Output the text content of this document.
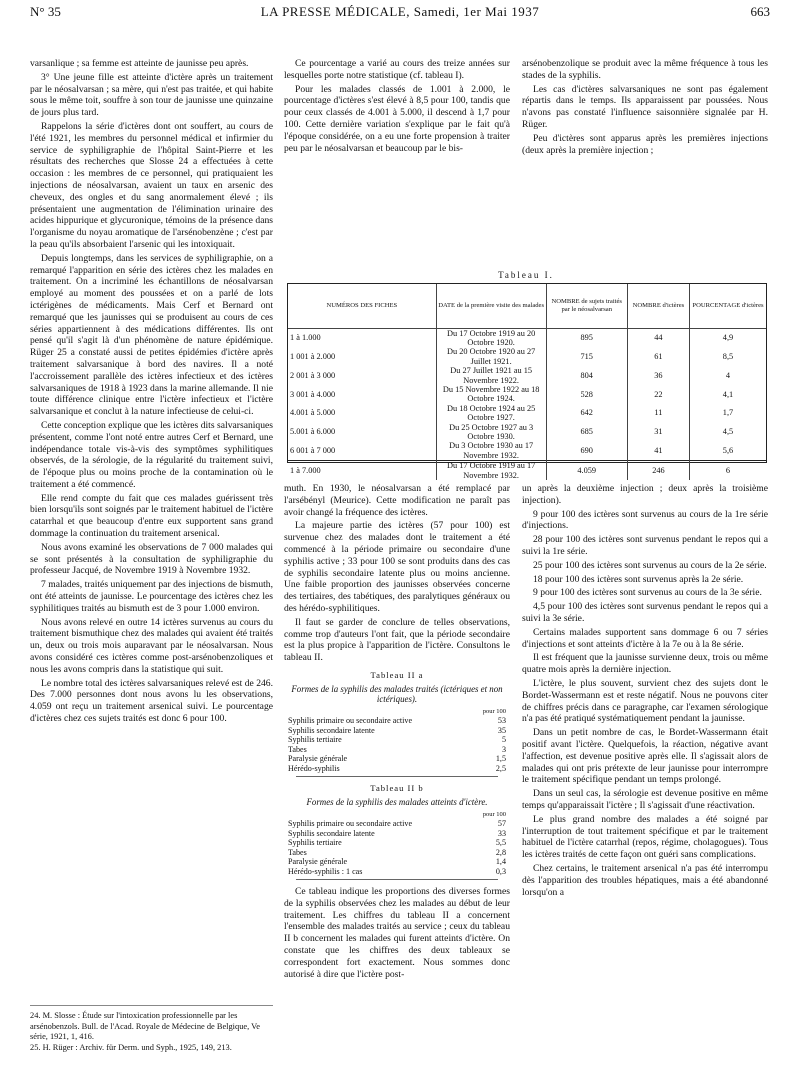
N° 35	LA PRESSE MÉDICALE, Samedi, 1er Mai 1937	663

varsanlique ; sa femme est atteinte de jaunisse peu après.

3° Une jeune fille est atteinte d'ictère après un traitement par le néosalvarsan ; sa mère, qui n'est pas traitée, et qui habite sous le même toit, souffre à son tour de jaunisse une quinzaine de jours plus tard.

Rappelons la série d'ictères dont ont souffert, au cours de l'été 1921, les membres du personnel médical et infirmier du service de syphiligraphie de l'hôpital Saint-Pierre et les résultats des recherches que Slosse 24 a effectuées à cette occasion : les membres de ce personnel, qui pratiquaient les injections de néosalvarsan, avaient un taux en arsenic des cheveux, des ongles et du sang anormalement élevé ; ils présentaient une augmentation de l'élimination urinaire des acides hippurique et glycuronique, témoins de la présence dans l'organisme du noyau aromatique de l'arsénobenzène ; c'est par la peau qu'ils absorbaient l'arsenic qui les intoxiquait.

Depuis longtemps, dans les services de syphiligraphie, on a remarqué l'apparition en série des ictères chez les malades en traitement. On a incriminé les échantillons de néosalvarsan employé au moment des poussées et on a parlé de lots ictérigènes de médicaments. Mais Cerf et Bernard ont remarqué que les jaunisses qui se produisent au cours de ces séries appartiennent à des médications différentes. Ils ont pensé qu'il s'agit là d'un phénomène de nature épidémique. Rüger 25 a constaté aussi de petites épidémies d'ictère après traitement salvarsanique à bord des navires. Il a noté l'accroissement parallèle des ictères infectieux et des ictères salvarsaniques de 1918 à 1923 dans la marine allemande. Il nie toute différence clinique entre l'ictère infectieux et l'ictère salvarsanique et conclut à la nature infectieuse de celui-ci.

Cette conception explique que les ictères dits salvarsaniques présentent, comme l'ont noté entre autres Cerf et Bernard, une indépendance totale vis-à-vis des symptômes syphilitiques observés, de la sérologie, de la régularité du traitement suivi, de l'époque plus ou moins proche de la contamination où le traitement a été commencé.

Elle rend compte du fait que ces malades guérissent très bien lorsqu'ils sont soignés par le traitement habituel de l'ictère catarrhal et que beaucoup d'entre eux supportent sans grand dommage la continuation du traitement arsenical.

Nous avons examiné les observations de 7 000 malades qui se sont présentés à la consultation de syphiligraphie du professeur Jacqué, de Novembre 1919 à Novembre 1932.

7 malades, traités uniquement par des injections de bismuth, ont été atteints de jaunisse. Le pourcentage des ictères chez les syphilitiques traités au bismuth est de 3 pour 1.000 environ.

Nous avons relevé en outre 14 ictères survenus au cours du traitement bismuthique chez des malades qui avaient été traités un, deux ou trois mois auparavant par le néosalvarsan. Nous avons considéré ces ictères comme post-arsénobenzoliques et nous les avons compris dans la statistique qui suit.

Le nombre total des ictères salvarsaniques relevé est de 246. Des 7.000 personnes dont nous avons lu les observations, 4.059 ont reçu un traitement arsenical suivi. Le pourcentage d'ictères chez ces sujets traités est donc 6 pour 100.

24. M. Slosse : Étude sur l'intoxication professionnelle par les arsénobenzols. Bull. de l'Acad. Royale de Médecine de Belgique, Ve série, 1921, 1, 416.

25. H. Rüger : Archiv. für Derm. und Syph., 1925, 149, 213.

Ce pourcentage a varié au cours des treize années sur lesquelles porte notre statistique (cf. tableau I).

Pour les malades classés de 1.001 à 2.000, le pourcentage d'ictères s'est élevé à 8,5 pour 100, tandis que pour ceux classés de 4.001 à 5.000, il descend à 1,7 pour 100. Cette dernière variation s'explique par le fait qu'à l'époque considérée, on a eu une forte propension à traiter peu par le néosalvarsan et beaucoup par le bis-

arsénobenzolique se produit avec la même fréquence à tous les stades de la syphilis.

Les cas d'ictères salvarsaniques ne sont pas également répartis dans le temps. Ils apparaissent par poussées. Nous n'avons pas constaté l'influence saisonnière signalée par H. Rüger.

Peu d'ictères sont apparus après les premières injections (deux après la première injection ;

Tableau I.
NUMÉROS DES FICHES	DATE de la première visite des malades	NOMBRE de sujets traités par le néosalvarsan	NOMBRE d'ictères	POURCENTAGE d'ictères
1 à 1.000	Du 17 Octobre 1919 au 20 Octobre 1920.	895	44	4,9
1 001 à 2.000	Du 20 Octobre 1920 au 27 Juillet 1921.	715	61	8,5
2 001 à 3 000	Du 27 Juillet 1921 au 15 Novembre 1922.	804	36	4
3 001 à 4.000	Du 15 Novembre 1922 au 18 Octobre 1924.	528	22	4,1
4.001 à 5.000	Du 18 Octobre 1924 au 25 Octobre 1927.	642	11	1,7
5.001 à 6.000	Du 25 Octobre 1927 au 3 Octobre 1930.	685	31	4,5
6 001 à 7 000	Du 3 Octobre 1930 au 17 Novembre 1932.	690	41	5,6
1 à 7.000	Du 17 Octobre 1919 au 17 Novembre 1932.	4.059	246	6

muth. En 1930, le néosalvarsan a été remplacé par l'arsébényl (Meurice). Cette modification ne paraît pas avoir changé la fréquence des ictères.

La majeure partie des ictères (57 pour 100) est survenue chez des malades dont le traitement a été commencé à la période primaire ou secondaire d'une syphilis active ; 33 pour 100 se sont produits dans des cas de syphilis secondaire latente plus ou moins ancienne. Une faible proportion des jaunisses observées concerne des tertiaires, des tabétiques, des paralytiques généraux ou des hérédo-syphilitiques.

Il faut se garder de conclure de telles observations, comme trop d'auteurs l'ont fait, que la période secondaire est la plus propice à l'apparition de l'ictère. Consultons le tableau II.

Tableau II a
Formes de la syphilis des malades traités (ictériques et non ictériques).
	pour 100
Syphilis primaire ou secondaire active	53
Syphilis secondaire latente	35
Syphilis tertiaire	5
Tabes	3
Paralysie générale	1,5
Hérédo-syphilis	2,5
Tableau II b
Formes de la syphilis des malades atteints d'ictère.
	pour 100
Syphilis primaire ou secondaire active	57
Syphilis secondaire latente	33
Syphilis tertiaire	5,5
Tabes	2,8
Paralysie générale	1,4
Hérédo-syphilis : 1 cas	0,3

Ce tableau indique les proportions des diverses formes de la syphilis observées chez les malades au début de leur traitement. Les chiffres du tableau II a concernent l'ensemble des malades traités au service ; ceux du tableau II b concernent les malades qui furent atteints d'ictère. On constate que les chiffres des deux tableaux se correspondent fort exactement. Nous sommes donc autorisé à dire que l'ictère post-

un après la deuxième injection ; deux après la troisième injection).

9 pour 100 des ictères sont survenus au cours de la 1re série d'injections.

28 pour 100 des ictères sont survenus pendant le repos qui a suivi la 1re série.

25 pour 100 des ictères sont survenus au cours de la 2e série.

18 pour 100 des ictères sont survenus après la 2e série.

9 pour 100 des ictères sont survenus au cours de la 3e série.

4,5 pour 100 des ictères sont survenus pendant le repos qui a suivi la 3e série.

Certains malades supportent sans dommage 6 ou 7 séries d'injections et sont atteints d'ictère à la 7e ou à la 8e série.

Il est fréquent que la jaunisse survienne deux, trois ou même quatre mois après la dernière injection.

L'ictère, le plus souvent, survient chez des sujets dont le Bordet-Wassermann est et reste négatif. Nous ne pouvons citer de chiffres précis dans ce paragraphe, car l'examen sérologique n'a pas été pratiqué systématiquement pendant la jaunisse.

Dans un petit nombre de cas, le Bordet-Wassermann était positif avant l'ictère. Quelquefois, la réaction, négative avant l'affection, est devenue positive après elle. Il s'agissait alors de malades qui ont pris prétexte de leur jaunisse pour interrompre le traitement spécifique pendant un temps prolongé.

Dans un seul cas, la sérologie est devenue positive en même temps qu'apparaissait l'ictère ; Il s'agissait d'une réactivation.

Le plus grand nombre des malades a été soigné par l'interruption de tout traitement spécifique et par le traitement habituel de l'ictère catarrhal (repos, régime, cholagogues). Tous les ictères traités de cette façon ont guéri sans complications.

Chez certains, le traitement arsenical n'a pas été interrompu dès l'apparition des troubles hépatiques, mais a été abandonné lorsqu'on a
